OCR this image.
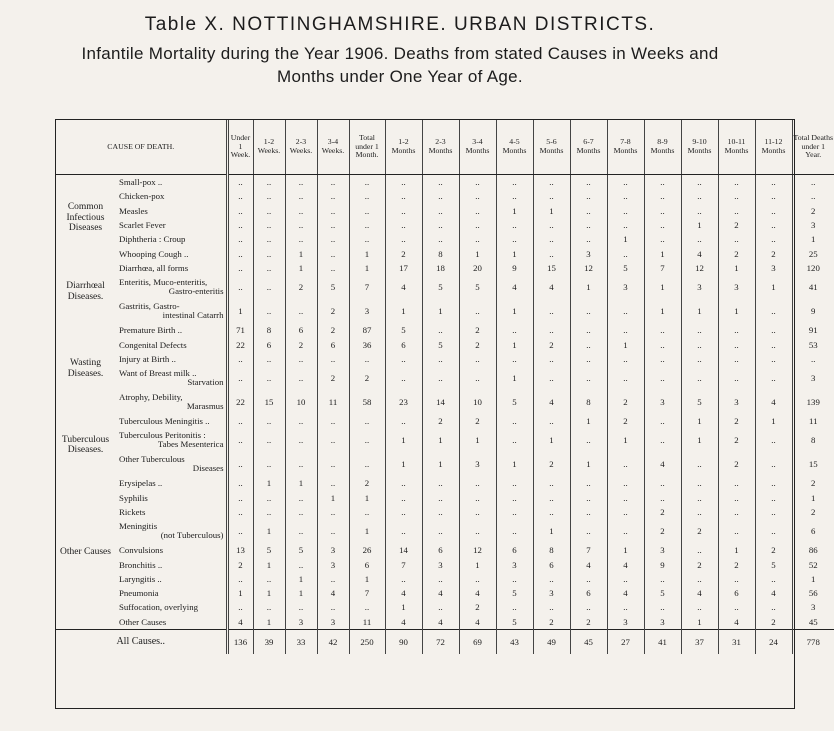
Table X. NOTTINGHAMSHIRE. URBAN DISTRICTS.
Infantile Mortality during the Year 1906. Deaths from stated Causes in Weeks and
Months under One Year of Age.
CAUSE OF DEATH.		Under 1 Week.	1-2 Weeks.	2-3 Weeks.	3-4 Weeks.	Total under 1 Month.	1-2 Months	2-3 Months	3-4 Months	4-5 Months	5-6 Months	6-7 Months	7-8 Months	8-9 Months	9-10 Months	10-11 Months	11-12 Months	Total Deaths under 1 Year.
Common Infectious Diseases	Small-pox ..	..	..	..	..	..	..	..	..	..	..	..	..	..	..	..	..	..
	Chicken-pox	..	..	..	..	..	..	..	..	..	..	..	..	..	..	..	..	..
	Measles	..	..	..	..	..	..	..	..	1	1	..	..	..	..	..	..	2
	Scarlet Fever	..	..	..	..	..	..	..	..	..	..	..	..	..	1	2	..	3
	Diphtheria : Croup	..	..	..	..	..	..	..	..	..	..	..	1	..	..	..	..	1
	Whooping Cough ..	..	..	1	..	1	2	8	1	1	..	3	..	1	4	2	2	25
Diarrhœal Diseases.	Diarrhœa, all forms	..	..	1	..	1	17	18	20	9	15	12	5	7	12	1	3	120

	Enteritis, Muco-enteritis,
Gastro-enteritis	..	..	2	5	7	4	5	5	4	4	1	3	1	3	3	1	41

	Gastritis, Gastro-
intestinal Catarrh	1	..	..	2	3	1	1	..	1	..	..	..	1	1	1	..	9
Wasting Diseases.	Premature Birth ..	71	8	6	2	87	5	..	2	..	..	..	..	..	..	..	..	91
	Congenital Defects	22	6	2	6	36	6	5	2	1	2	..	1	..	..	..	..	53
	Injury at Birth ..	..	..	..	..	..	..	..	..	..	..	..	..	..	..	..	..	..

	Want of Breast milk ..
Starvation	..	..	..	2	2	..	..	..	1	..	..	..	..	..	..	..	3

	Atrophy, Debility,
Marasmus	22	15	10	11	58	23	14	10	5	4	8	2	3	5	3	4	139
Tuberculous Diseases.	Tuberculous Meningitis ..	..	..	..	..	..	..	2	2	..	..	1	2	..	1	2	1	11

	Tuberculous Peritonitis :
Tabes Mesenterica	..	..	..	..	..	1	1	1	..	1	..	1	..	1	2	..	8

	Other Tuberculous
Diseases	..	..	..	..	..	1	1	3	1	2	1	..	4	..	2	..	15
Other Causes	Erysipelas ..	..	1	1	..	2	..	..	..	..	..	..	..	..	..	..	..	2
	Syphilis	..	..	..	1	1	..	..	..	..	..	..	..	..	..	..	..	1
	Rickets	..	..	..	..	..	..	..	..	..	..	..	..	2	..	..	..	2

	Meningitis
(not Tuberculous)	..	1	..	..	1	..	..	..	..	1	..	..	2	2	..	..	6
	Convulsions	13	5	5	3	26	14	6	12	6	8	7	1	3	..	1	2	86
	Bronchitis ..	2	1	..	3	6	7	3	1	3	6	4	4	9	2	2	5	52
	Laryngitis ..	..	..	1	..	1	..	..	..	..	..	..	..	..	..	..	..	1
	Pneumonia	1	1	1	4	7	4	4	4	5	3	6	4	5	4	6	4	56
	Suffocation, overlying	..	..	..	..	..	1	..	2	..	..	..	..	..	..	..	..	3
	Other Causes	4	1	3	3	11	4	4	4	5	2	2	3	3	1	4	2	45
All Causes..		136	39	33	42	250	90	72	69	43	49	45	27	41	37	31	24	778
